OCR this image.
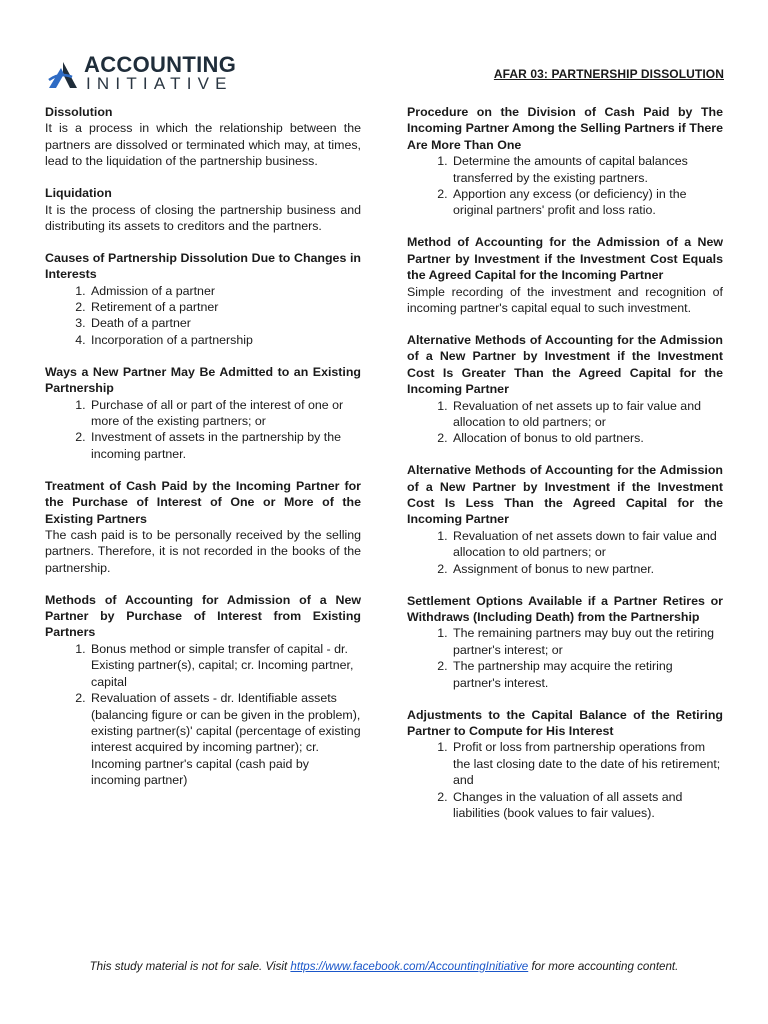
ACCOUNTING
INITIATIVE	AFAR 03: PARTNERSHIP DISSOLUTION
Dissolution

It is a process in which the relationship between the partners are dissolved or terminated which may, at times, lead to the liquidation of the partnership business.

Liquidation

It is the process of closing the partnership business and distributing its assets to creditors and the partners.

Causes of Partnership Dissolution Due to Changes in Interests
1. Admission of a partner
2. Retirement of a partner
3. Death of a partner
4. Incorporation of a partnership
Ways a New Partner May Be Admitted to an Existing Partnership
1. Purchase of all or part of the interest of one or more of the existing partners; or
2. Investment of assets in the partnership by the incoming partner.
Treatment of Cash Paid by the Incoming Partner for the Purchase of Interest of One or More of the Existing Partners

The cash paid is to be personally received by the selling partners. Therefore, it is not recorded in the books of the partnership.

Methods of Accounting for Admission of a New Partner by Purchase of Interest from Existing Partners
1. Bonus method or simple transfer of capital - dr. Existing partner(s), capital; cr. Incoming partner, capital
2. Revaluation of assets - dr. Identifiable assets (balancing figure or can be given in the problem), existing partner(s)' capital (percentage of existing interest acquired by incoming partner); cr. Incoming partner's capital (cash paid by incoming partner)
Procedure on the Division of Cash Paid by The Incoming Partner Among the Selling Partners if There Are More Than One
1. Determine the amounts of capital balances transferred by the existing partners.
2. Apportion any excess (or deficiency) in the original partners' profit and loss ratio.
Method of Accounting for the Admission of a New Partner by Investment if the Investment Cost Equals the Agreed Capital for the Incoming Partner

Simple recording of the investment and recognition of incoming partner's capital equal to such investment.

Alternative Methods of Accounting for the Admission of a New Partner by Investment if the Investment Cost Is Greater Than the Agreed Capital for the Incoming Partner
1. Revaluation of net assets up to fair value and allocation to old partners; or
2. Allocation of bonus to old partners.
Alternative Methods of Accounting for the Admission of a New Partner by Investment if the Investment Cost Is Less Than the Agreed Capital for the Incoming Partner
1. Revaluation of net assets down to fair value and allocation to old partners; or
2. Assignment of bonus to new partner.
Settlement Options Available if a Partner Retires or Withdraws (Including Death) from the Partnership
1. The remaining partners may buy out the retiring partner's interest; or
2. The partnership may acquire the retiring partner's interest.
Adjustments to the Capital Balance of the Retiring Partner to Compute for His Interest
1. Profit or loss from partnership operations from the last closing date to the date of his retirement; and
2. Changes in the valuation of all assets and liabilities (book values to fair values).
This study material is not for sale. Visit https://www.facebook.com/AccountingInitiative for more accounting content.
